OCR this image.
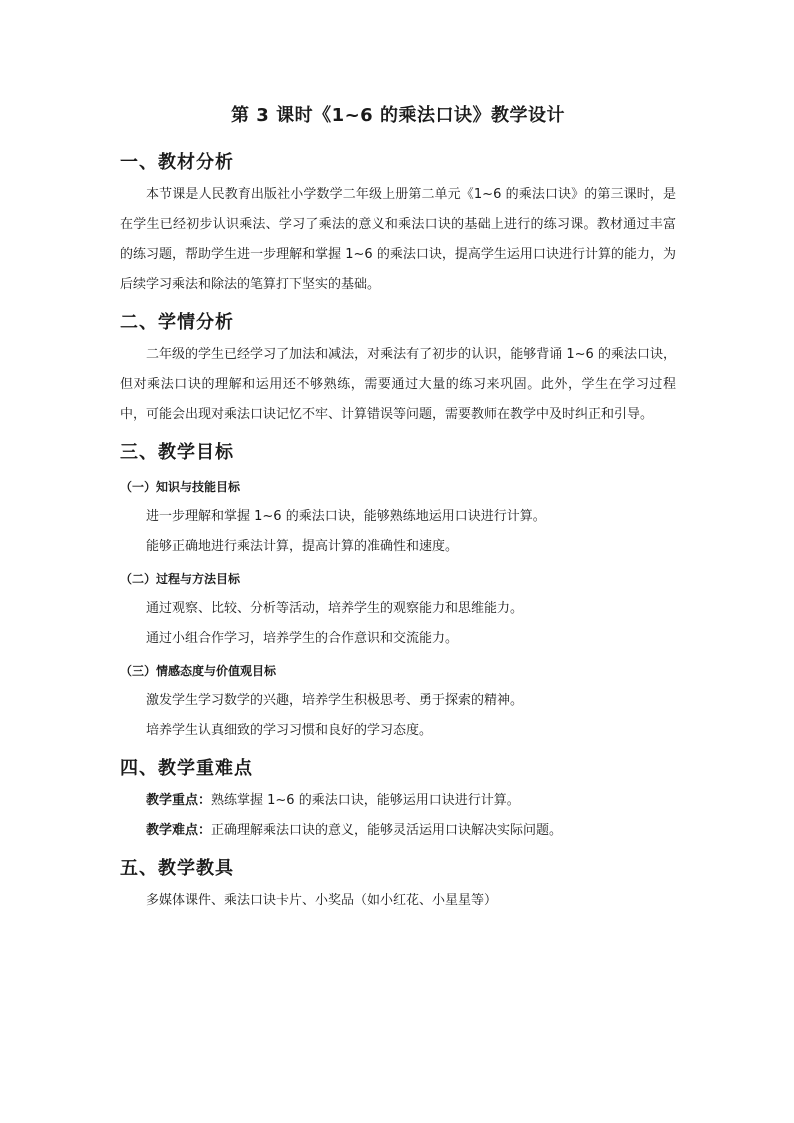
第 3 课时《1~6 的乘法口诀》教学设计
一、教材分析

本节课是人民教育出版社小学数学二年级上册第二单元《1~6 的乘法口诀》的第三课时，是在学生已经初步认识乘法、学习了乘法的意义和乘法口诀的基础上进行的练习课。教材通过丰富的练习题，帮助学生进一步理解和掌握 1~6 的乘法口诀，提高学生运用口诀进行计算的能力，为后续学习乘法和除法的笔算打下坚实的基础。

二、学情分析

二年级的学生已经学习了加法和减法，对乘法有了初步的认识，能够背诵 1~6 的乘法口诀，但对乘法口诀的理解和运用还不够熟练，需要通过大量的练习来巩固。此外，学生在学习过程中，可能会出现对乘法口诀记忆不牢、计算错误等问题，需要教师在教学中及时纠正和引导。

三、教学目标
（一）知识与技能目标

进一步理解和掌握 1~6 的乘法口诀，能够熟练地运用口诀进行计算。

能够正确地进行乘法计算，提高计算的准确性和速度。

（二）过程与方法目标

通过观察、比较、分析等活动，培养学生的观察能力和思维能力。

通过小组合作学习，培养学生的合作意识和交流能力。

（三）情感态度与价值观目标

激发学生学习数学的兴趣，培养学生积极思考、勇于探索的精神。

培养学生认真细致的学习习惯和良好的学习态度。

四、教学重难点

教学重点：熟练掌握 1~6 的乘法口诀，能够运用口诀进行计算。

教学难点：正确理解乘法口诀的意义，能够灵活运用口诀解决实际问题。

五、教学教具

多媒体课件、乘法口诀卡片、小奖品（如小红花、小星星等）
